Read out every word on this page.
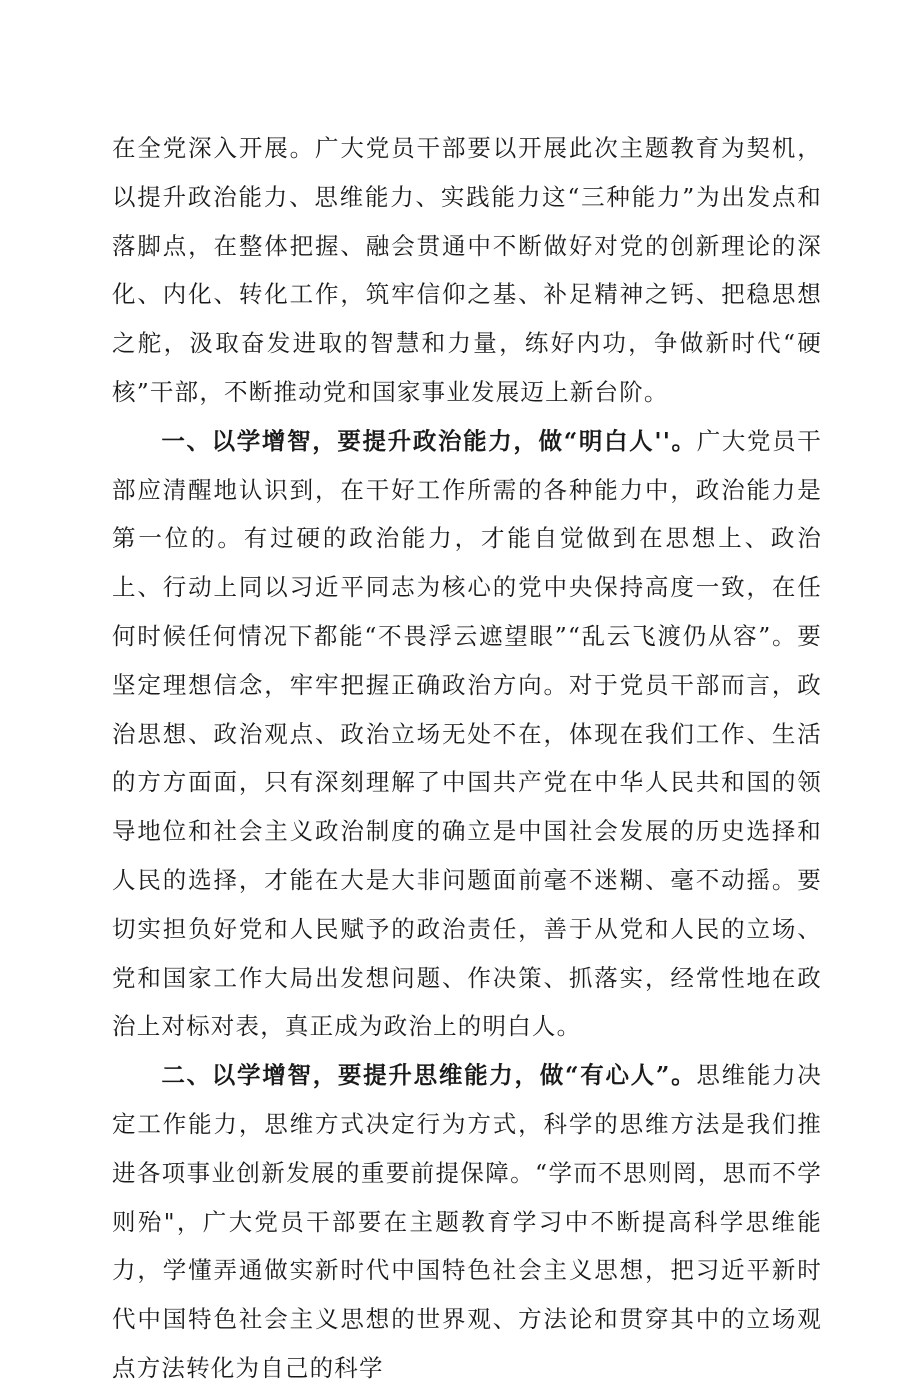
在全党深入开展。广大党员干部要以开展此次主题教育为契机，以提升政治能力、思维能力、实践能力这“三种能力”为出发点和落脚点，在整体把握、融会贯通中不断做好对党的创新理论的深化、内化、转化工作，筑牢信仰之基、补足精神之钙、把稳思想之舵，汲取奋发进取的智慧和力量，练好内功，争做新时代“硬核”干部，不断推动党和国家事业发展迈上新台阶。

一、以学增智，要提升政治能力，做“明白人''。广大党员干部应清醒地认识到，在干好工作所需的各种能力中，政治能力是第一位的。有过硬的政治能力，才能自觉做到在思想上、政治上、行动上同以习近平同志为核心的党中央保持高度一致，在任何时候任何情况下都能“不畏浮云遮望眼”“乱云飞渡仍从容”。要坚定理想信念，牢牢把握正确政治方向。对于党员干部而言，政治思想、政治观点、政治立场无处不在，体现在我们工作、生活的方方面面，只有深刻理解了中国共产党在中华人民共和国的领导地位和社会主义政治制度的确立是中国社会发展的历史选择和人民的选择，才能在大是大非问题面前毫不迷糊、毫不动摇。要切实担负好党和人民赋予的政治责任，善于从党和人民的立场、党和国家工作大局出发想问题、作决策、抓落实，经常性地在政治上对标对表，真正成为政治上的明白人。

二、以学增智，要提升思维能力，做“有心人”。思维能力决定工作能力，思维方式决定行为方式，科学的思维方法是我们推进各项事业创新发展的重要前提保障。“学而不思则罔，思而不学则殆"，广大党员干部要在主题教育学习中不断提高科学思维能力，学懂弄通做实新时代中国特色社会主义思想，把习近平新时代中国特色社会主义思想的世界观、方法论和贯穿其中的立场观点方法转化为自己的科学
